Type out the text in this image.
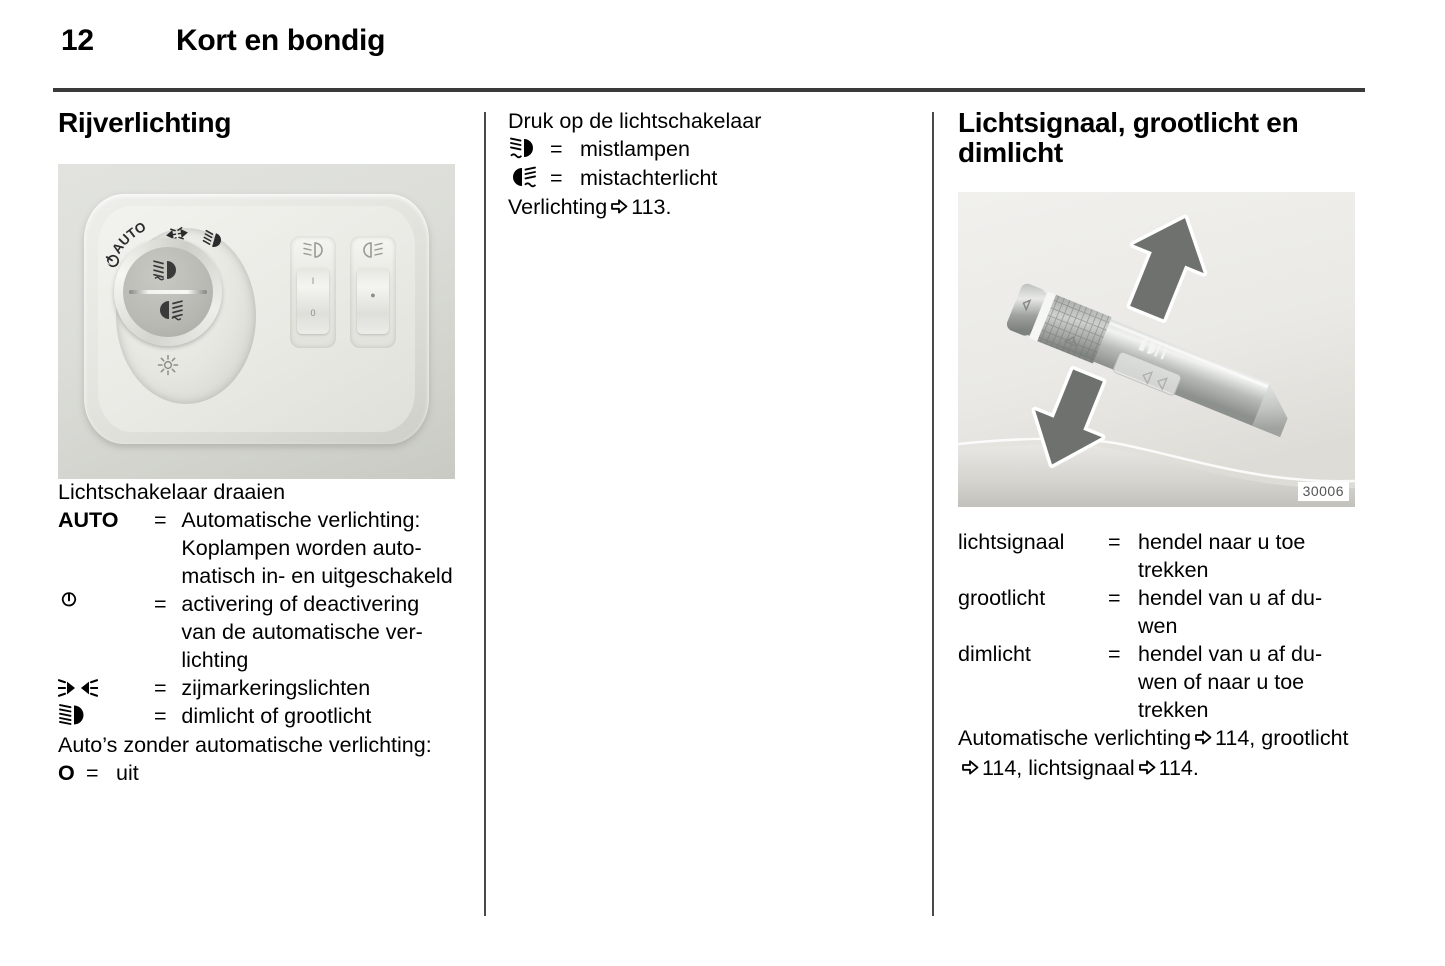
12	Kort en bondig
Rijverlichting
AUTO
I
0
●

Lichtschakelaar draaien

AUTO	=	Automatische verlichting: Koplampen worden automatisch in- en uitgeschakeld

	=	activering of deactivering van de automatische verlichting

	=	zijmarkeringslichten

	=	dimlicht of grootlicht

Auto’s zonder automatische verlichting:

O	=	uit

Druk op de lichtschakelaar

	=	mistlampen

	=	mistachterlicht

Verlichting 113.

Lichtsignaal, grootlicht en dimlicht
30006
lichtsignaal	=	hendel naar u toe trekken
grootlicht	=	hendel van u af duwen
dimlicht	=	hendel van u af duwen of naar u toe trekken

Automatische verlichting 114, grootlicht114, lichtsignaal 114.
